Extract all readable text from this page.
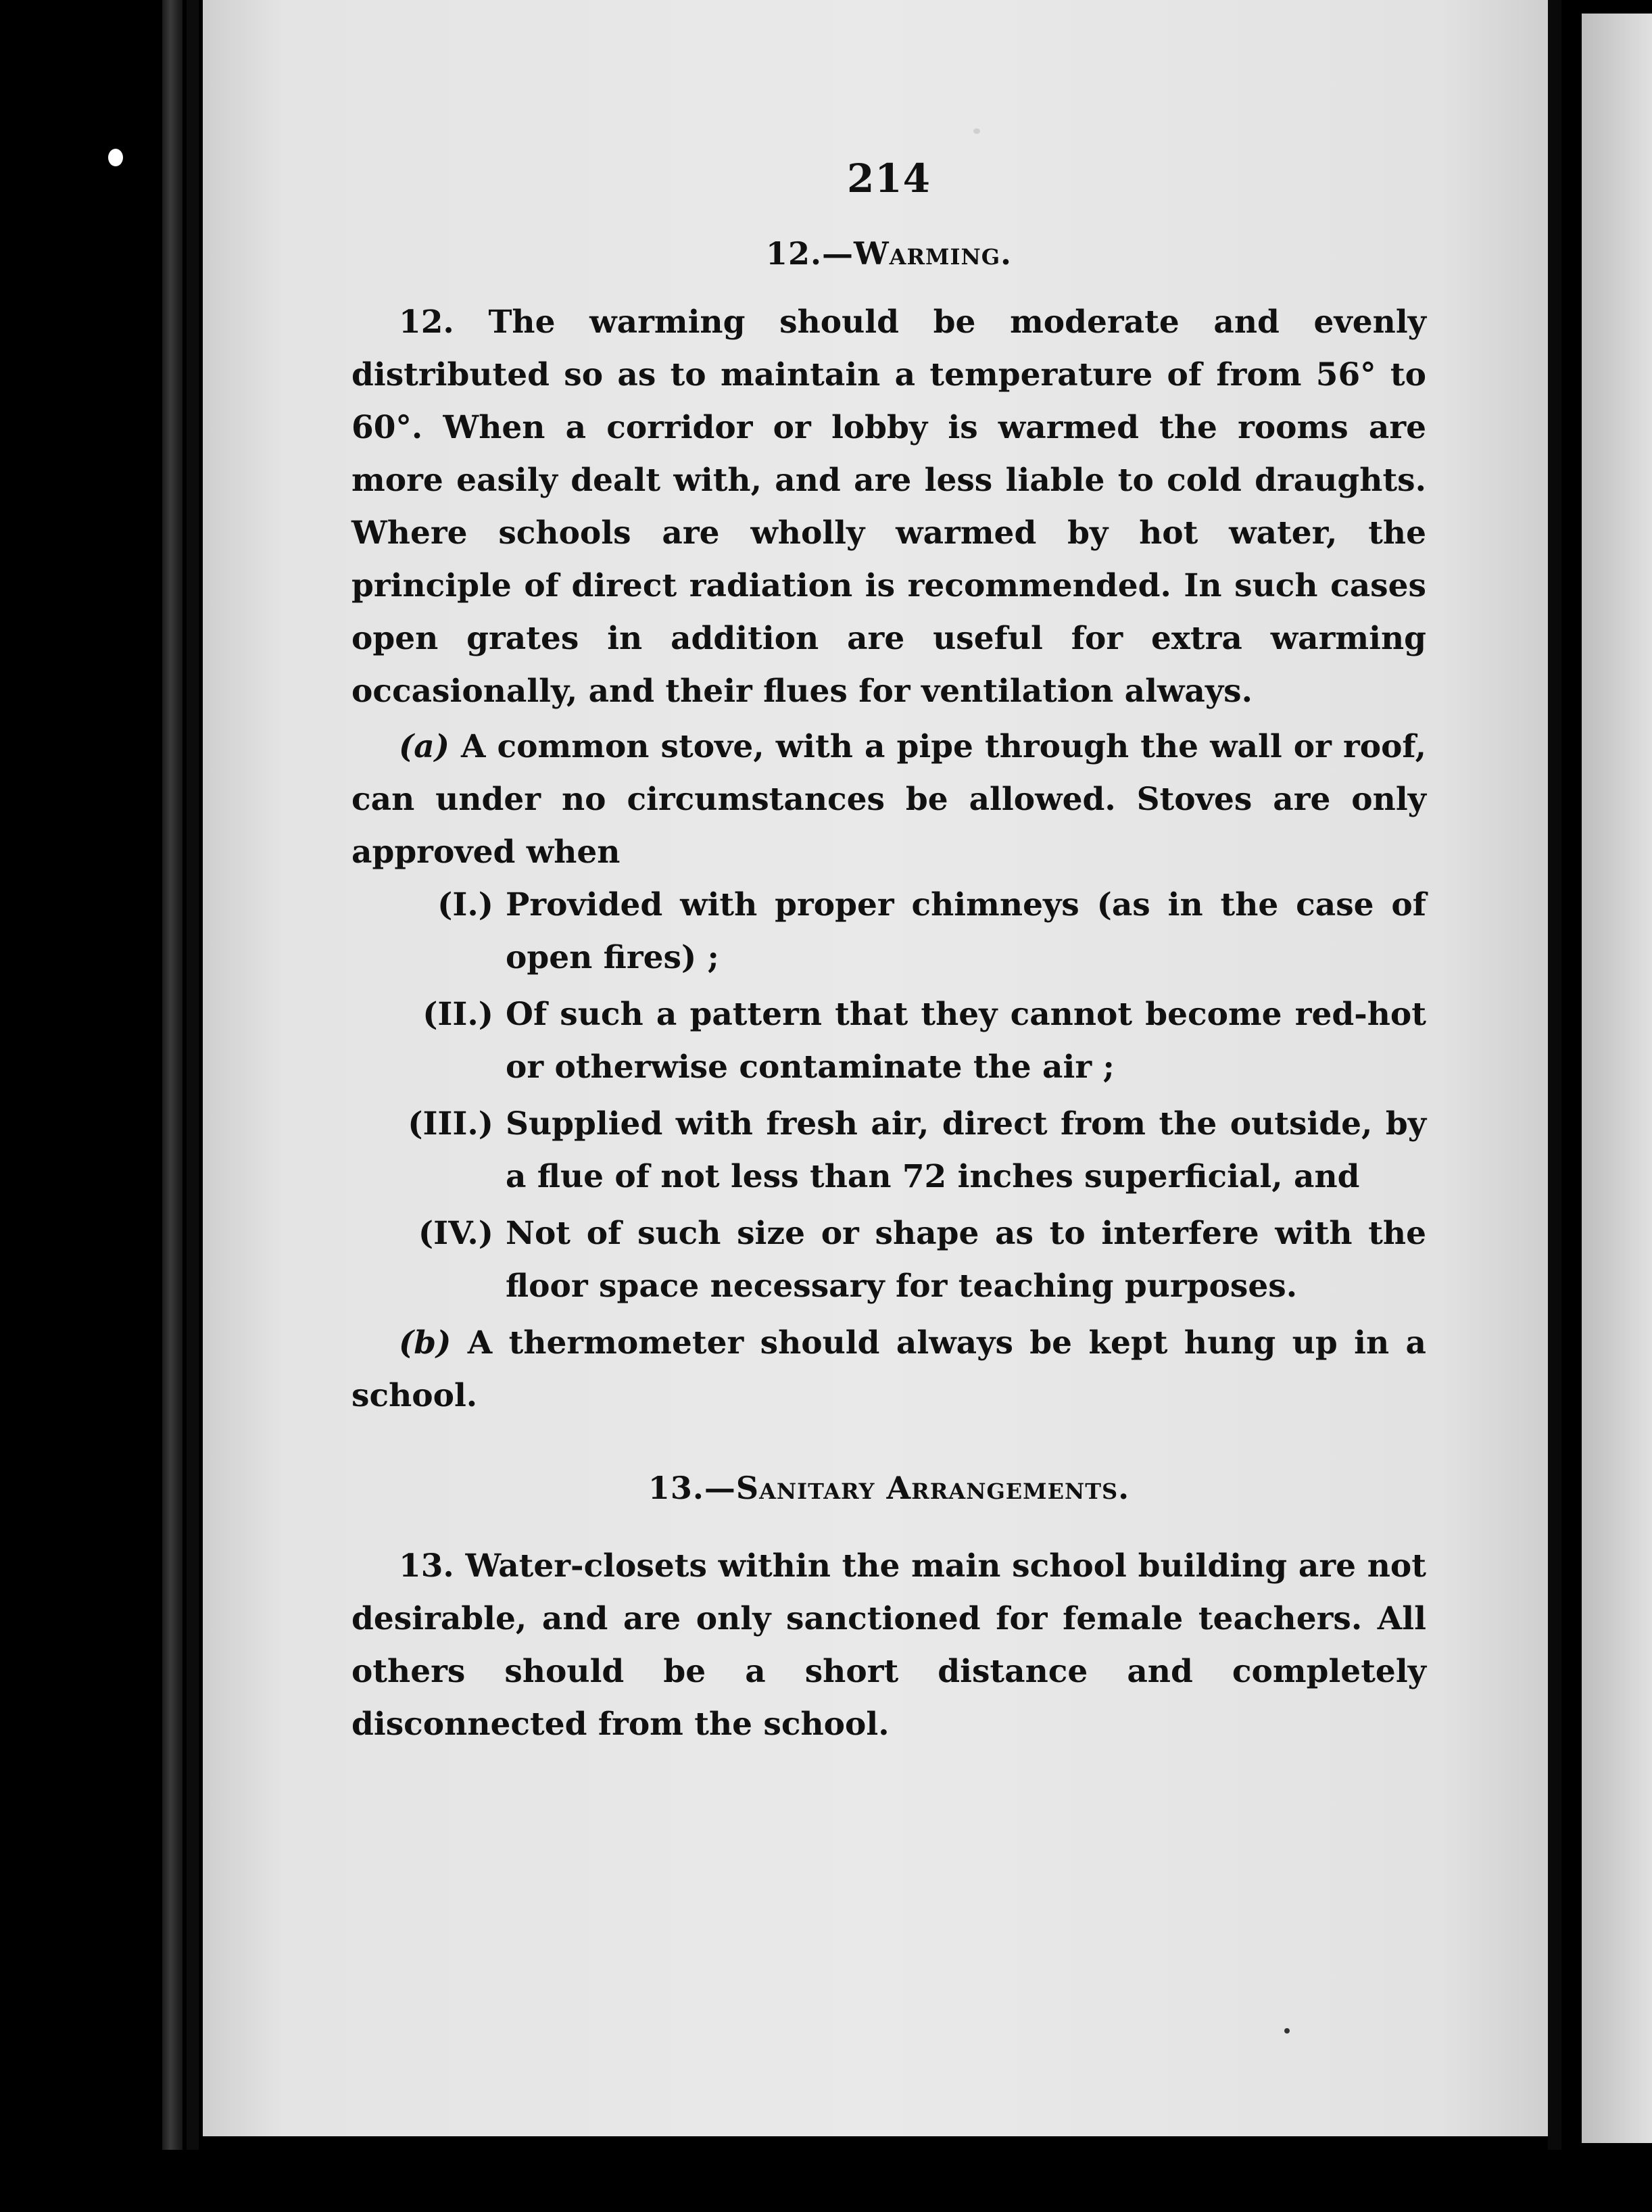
214
12.—Warming.

12. The warming should be moderate and evenly distributed so as to maintain a temperature of from 56° to 60°. When a corridor or lobby is warmed the rooms are more easily dealt with, and are less liable to cold draughts. Where schools are wholly warmed by hot water, the principle of direct radiation is recommended. In such cases open grates in addition are useful for extra warming occasionally, and their flues for ventilation always.

(a) A common stove, with a pipe through the wall or roof, can under no circumstances be allowed. Stoves are only approved when

(I.) Provided with proper chimneys (as in the case of open fires) ;
(II.) Of such a pattern that they cannot become red-hot or otherwise contaminate the air ;
(III.) Supplied with fresh air, direct from the outside, by a flue of not less than 72 inches superficial, and
(IV.) Not of such size or shape as to interfere with the floor space necessary for teaching purposes.

(b) A thermometer should always be kept hung up in a school.

13.—Sanitary Arrangements.

13. Water-closets within the main school building are not desirable, and are only sanctioned for female teachers. All others should be a short distance and completely disconnected from the school.
